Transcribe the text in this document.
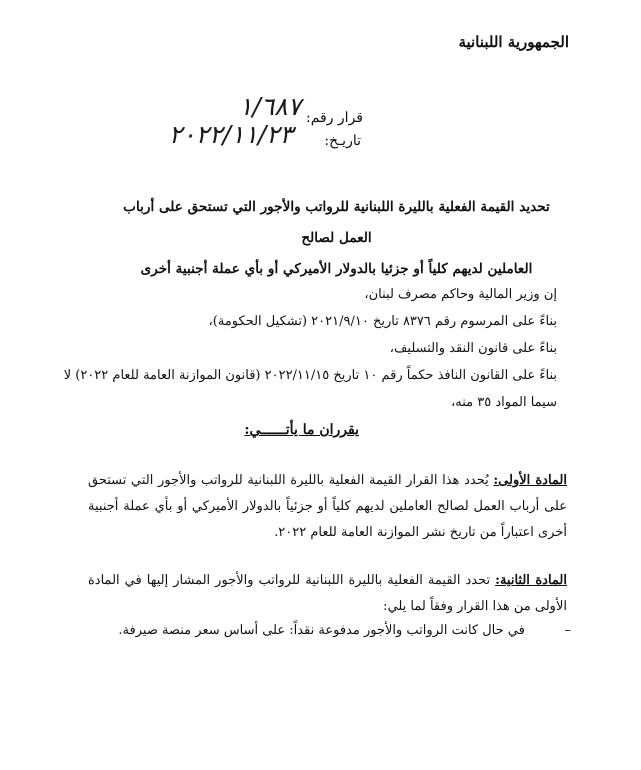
الجمهورية اللبنانية
قرار رقم:
١/٦٨٧
تاريـخ:
٢٠٢٢/١١/٢٣
تحديد القيمة الفعلية بالليرة اللبنانية للرواتب والأجور التي تستحق على أرباب العمل لصالح
العاملين لديهم كلياً أو جزئيا بالدولار الأميركي أو بأي عملة أجنبية أخرى
إن وزير المالية وحاكم مصرف لبنان،
بناءً على المرسوم رقم ٨٣٧٦ تاريخ ٢٠٢١/٩/١٠ (تشكيل الحكومة)،
بناءً على قانون النقد والتسليف،
بناءً على القانون النافذ حكماً رقم ١٠ تاريخ ٢٠٢٢/١١/١٥ (قانون الموازنة العامة للعام ٢٠٢٢) لا
سيما المواد ٣٥ منه،
يقرران ما يأتــــــي:
المادة الأولى: يُحدد هذا القرار القيمة الفعلية بالليرة اللبنانية للرواتب والأجور التي تستحق على أرباب العمل لصالح العاملين لديهم كلياً أو جزئياً بالدولار الأميركي أو بأي عملة أجنبية أخرى اعتباراً من تاريخ نشر الموازنة العامة للعام ٢٠٢٢.
المادة الثانية: تحدد القيمة الفعلية بالليرة اللبنانية للرواتب والأجور المشار إليها في المادة الأولى من هذا القرار وفقاً لما يلي:
– في حال كانت الرواتب والأجور مدفوعة نقداً: على أساس سعر منصة صيرفة.
